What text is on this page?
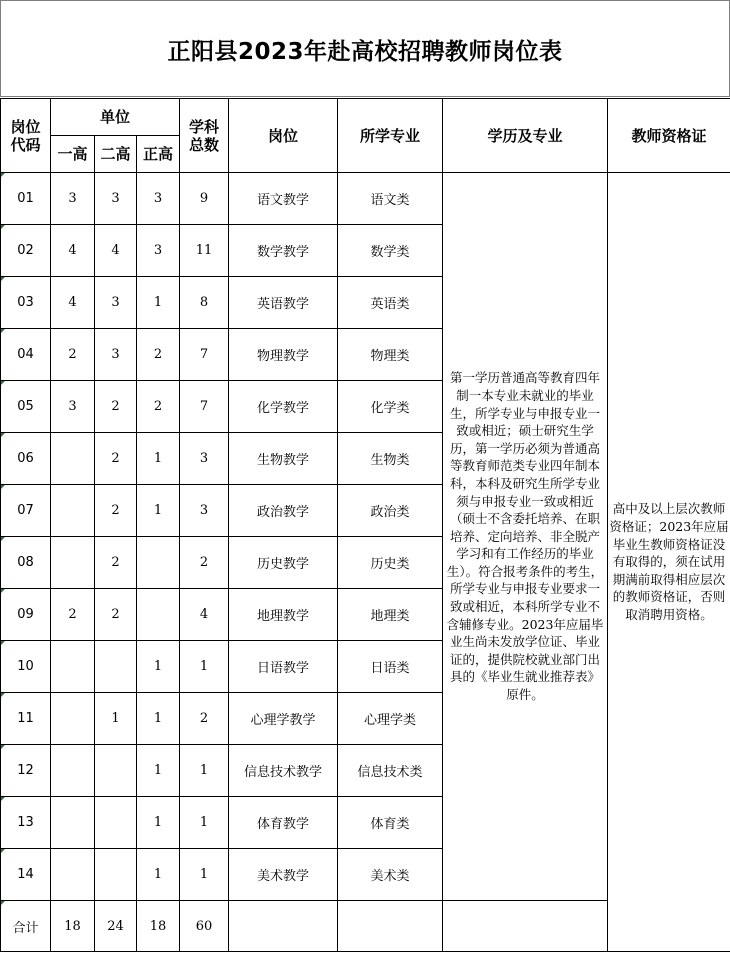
正阳县2023年赴高校招聘教师岗位表
岗位代码	单位			学科总数	岗位	所学专业	学历及专业	教师资格证
	一高	二高	正高					
01	3	3	3	9	语文教学	语文类	第一学历普通高等教育四年制一本专业未就业的毕业生，所学专业与申报专业一致或相近；硕士研究生学历，第一学历必须为普通高等教育师范类专业四年制本科，本科及研究生所学专业须与申报专业一致或相近（硕士不含委托培养、在职培养、定向培养、非全脱产学习和有工作经历的毕业生）。符合报考条件的考生，所学专业与申报专业要求一致或相近，本科所学专业不含辅修专业。2023年应届毕业生尚未发放学位证、毕业证的，提供院校就业部门出具的《毕业生就业推荐表》原件。	高中及以上层次教师资格证；2023年应届毕业生教师资格证没有取得的，须在试用期满前取得相应层次的教师资格证，否则取消聘用资格。
02	4	4	3	11	数学教学	数学类		
03	4	3	1	8	英语教学	英语类		
04	2	3	2	7	物理教学	物理类		
05	3	2	2	7	化学教学	化学类		
06		2	1	3	生物教学	生物类		
07		2	1	3	政治教学	政治类		
08		2		2	历史教学	历史类		
09	2	2		4	地理教学	地理类		
10			1	1	日语教学	日语类		
11		1	1	2	心理学教学	心理学类		
12			1	1	信息技术教学	信息技术类		
13			1	1	体育教学	体育类		
14			1	1	美术教学	美术类		
合计	18	24	18	60				
